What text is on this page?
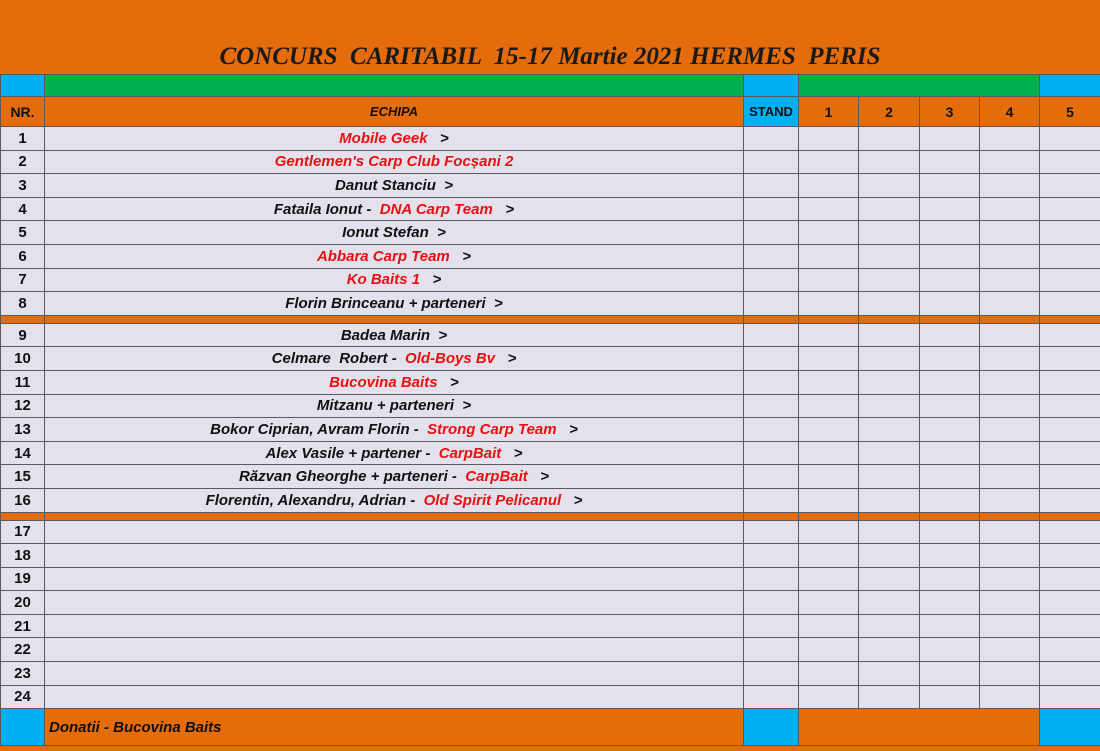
CONCURS  CARITABIL  15-17 Martie 2021 HERMES  PERIS

NR.	ECHIPA	STAND	1	2	3	4	5
1	Mobile Geek   >						
2	Gentlemen's Carp Club Focșani 2						
3	Danut Stanciu  >						
4	Fataila Ionut -  DNA Carp Team   >						
5	Ionut Stefan  >						
6	Abbara Carp Team   >						
7	Ko Baits 1   >						
8	Florin Brinceanu + parteneri  >						

9	Badea Marin  >						
10	Celmare  Robert -  Old-Boys Bv   >						
11	Bucovina Baits   >						
12	Mitzanu + parteneri  >						
13	Bokor Ciprian, Avram Florin -  Strong Carp Team   >						
14	Alex Vasile + partener -  CarpBait   >						
15	Răzvan Gheorghe + parteneri -  CarpBait   >						
16	Florentin, Alexandru, Adrian -  Old Spirit Pelicanul   >						

17							
18							
19							
20							
21							
22							
23							
24							
	Donatii - Bucovina Baits						
